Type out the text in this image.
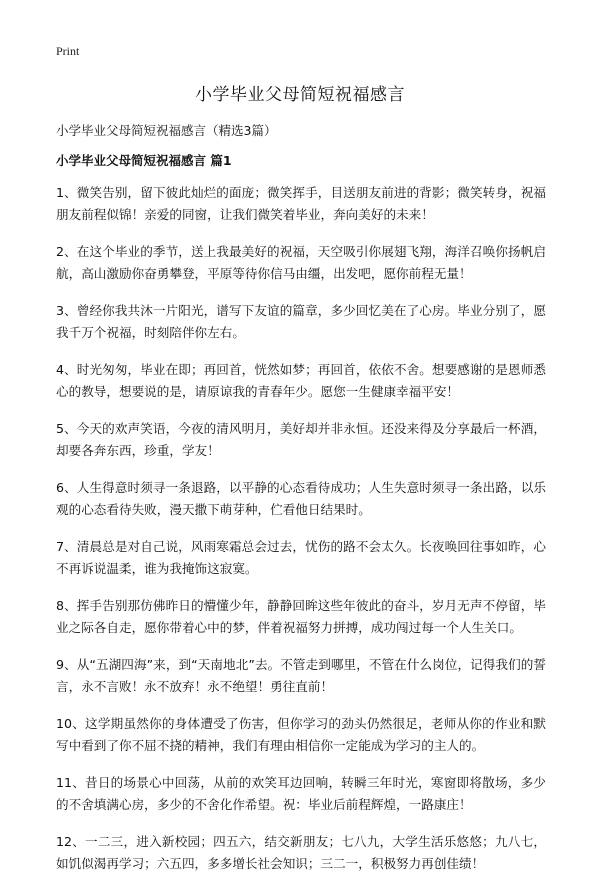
Print
小学毕业父母简短祝福感言

小学毕业父母简短祝福感言（精选3篇）

小学毕业父母简短祝福感言 篇1
1、微笑告别，留下彼此灿烂的面庞；微笑挥手，目送朋友前进的背影；微笑转身，祝福朋友前程似锦！亲爱的同窗，让我们微笑着毕业，奔向美好的未来！
2、在这个毕业的季节，送上我最美好的祝福，天空吸引你展翅飞翔，海洋召唤你扬帆启航，高山激励你奋勇攀登，平原等待你信马由缰，出发吧，愿你前程无量！
3、曾经你我共沐一片阳光，谱写下友谊的篇章，多少回忆美在了心房。毕业分别了，愿我千万个祝福，时刻陪伴你左右。
4、时光匆匆，毕业在即；再回首，恍然如梦；再回首，依依不舍。想要感谢的是恩师悉心的教导，想要说的是，请原谅我的青春年少。愿您一生健康幸福平安！
5、今天的欢声笑语，今夜的清风明月，美好却并非永恒。还没来得及分享最后一杯酒，却要各奔东西，珍重，学友！
6、人生得意时须寻一条退路，以平静的心态看待成功；人生失意时须寻一条出路，以乐观的心态看待失败，漫天撒下萌芽种，伫看他日结果时。
7、清晨总是对自己说，风雨寒霜总会过去，忧伤的路不会太久。长夜唤回往事如昨，心不再诉说温柔，谁为我掩饰这寂寞。
8、挥手告别那仿佛昨日的懵懂少年，静静回眸这些年彼此的奋斗，岁月无声不停留，毕业之际各自走，愿你带着心中的梦，伴着祝福努力拼搏，成功闯过每一个人生关口。
9、从“五湖四海”来，到“天南地北”去。不管走到哪里，不管在什么岗位，记得我们的誓言，永不言败！永不放弃！永不绝望！勇往直前！
10、这学期虽然你的身体遭受了伤害，但你学习的劲头仍然很足，老师从你的作业和默写中看到了你不屈不挠的精神，我们有理由相信你一定能成为学习的主人的。
11、昔日的场景心中回荡，从前的欢笑耳边回响，转瞬三年时光，寒窗即将散场，多少的不舍填满心房，多少的不舍化作希望。祝：毕业后前程辉煌，一路康庄！
12、一二三，进入新校园；四五六，结交新朋友；七八九，大学生活乐悠悠；九八七，如饥似渴再学习；六五四，多多增长社会知识；三二一，积极努力再创佳绩！
